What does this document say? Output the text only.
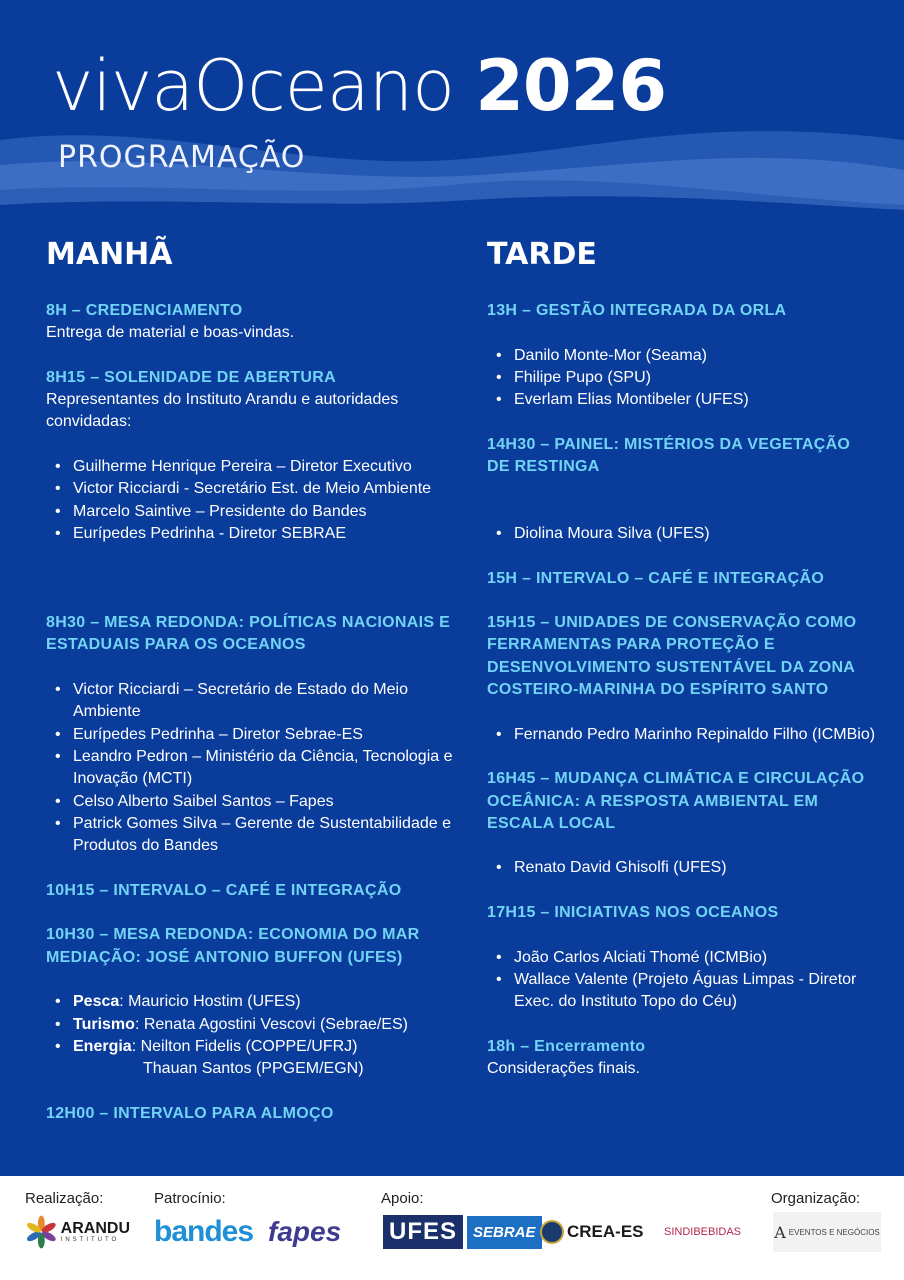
vivaOceano 2026
PROGRAMAÇÃO
MANHÃ
8H – CREDENCIAMENTO
Entrega de material e boas-vindas.
8H15 – SOLENIDADE DE ABERTURA
Representantes do Instituto Arandu e autoridades convidadas:
• Guilherme Henrique Pereira – Diretor Executivo
• Victor Ricciardi - Secretário Est. de Meio Ambiente
• Marcelo Saintive – Presidente do Bandes
• Eurípedes Pedrinha - Diretor SEBRAE
8H30 – MESA REDONDA: POLÍTICAS NACIONAIS E ESTADUAIS PARA OS OCEANOS
• Victor Ricciardi – Secretário de Estado do Meio Ambiente
• Eurípedes Pedrinha – Diretor Sebrae-ES
• Leandro Pedron – Ministério da Ciência, Tecnologia e Inovação (MCTI)
• Celso Alberto Saibel Santos – Fapes
• Patrick Gomes Silva – Gerente de Sustentabilidade e Produtos do Bandes
10H15 – INTERVALO – CAFÉ E INTEGRAÇÃO
10H30 – MESA REDONDA: ECONOMIA DO MAR
MEDIAÇÃO: JOSÉ ANTONIO BUFFON (UFES)
• Pesca: Mauricio Hostim (UFES)
• Turismo: Renata Agostini Vescovi (Sebrae/ES)
• Energia: Neilton Fidelis (COPPE/UFRJ)
Thauan Santos (PPGEM/EGN)
12H00 – INTERVALO PARA ALMOÇO
TARDE
13H – GESTÃO INTEGRADA DA ORLA
• Danilo Monte-Mor (Seama)
• Fhilipe Pupo (SPU)
• Everlam Elias Montibeler (UFES)
14H30 – PAINEL: MISTÉRIOS DA VEGETAÇÃO DE RESTINGA
• Diolina Moura Silva (UFES)
15H – INTERVALO – CAFÉ E INTEGRAÇÃO
15H15 – UNIDADES DE CONSERVAÇÃO COMO FERRAMENTAS PARA PROTEÇÃO E DESENVOLVIMENTO SUSTENTÁVEL DA ZONA COSTEIRO-MARINHA DO ESPÍRITO SANTO
• Fernando Pedro Marinho Repinaldo Filho (ICMBio)
16H45 – MUDANÇA CLIMÁTICA E CIRCULAÇÃO OCEÂNICA: A RESPOSTA AMBIENTAL EM ESCALA LOCAL
• Renato David Ghisolfi (UFES)
17H15 – INICIATIVAS NOS OCEANOS
• João Carlos Alciati Thomé (ICMBio)
• Wallace Valente (Projeto Águas Limpas - Diretor Exec. do Instituto Topo do Céu)
18h – Encerramento
Considerações finais.
Realização:	Patrocínio:	Apoio:	Organização:
ARANDU
INSTITUTO	bandes fapes UFES	SEBRAE	CREA-ES SINDIBEBIDAS A EVENTOS E NEGÓCIOS
